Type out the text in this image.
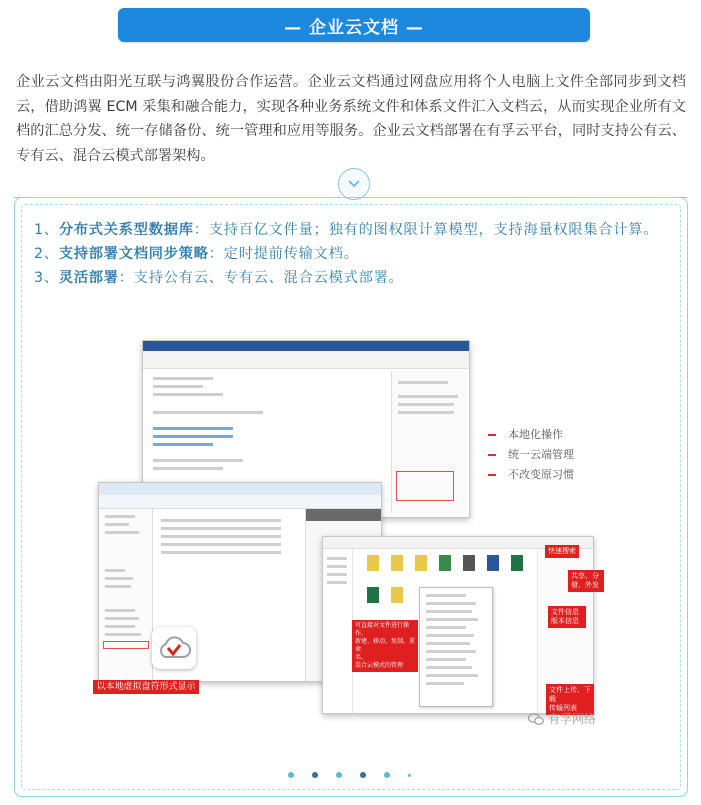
— 企业云文档 —

企业云文档由阳光互联与鸿翼股份合作运营。企业云文档通过网盘应用将个人电脑上文件全部同步到文档云，借助鸿翼 ECM 采集和融合能力，实现各种业务系统文件和体系文件汇入文档云，从而实现企业所有文档的汇总分发、统一存储备份、统一管理和应用等服务。企业云文档部署在有孚云平台，同时支持公有云、专有云、混合云模式部署架构。

1、分布式关系型数据库：支持百亿文件量；独有的图权限计算模型，支持海量权限集合计算。
2、支持部署文档同步策略：定时提前传输文档。
3、灵活部署：支持公有云、专有云、混合云模式部署。
本地化操作
统一云端管理
不改变原习惯
以本地虚拟盘符形式显示
快速搜索
共享、分發、外发
文件信息
版本信息
可直接对文件进行操作、
新建、移动、复制、重命
名、
混合云模式的管理
文件上传、下载
传输列表
有孚网络
